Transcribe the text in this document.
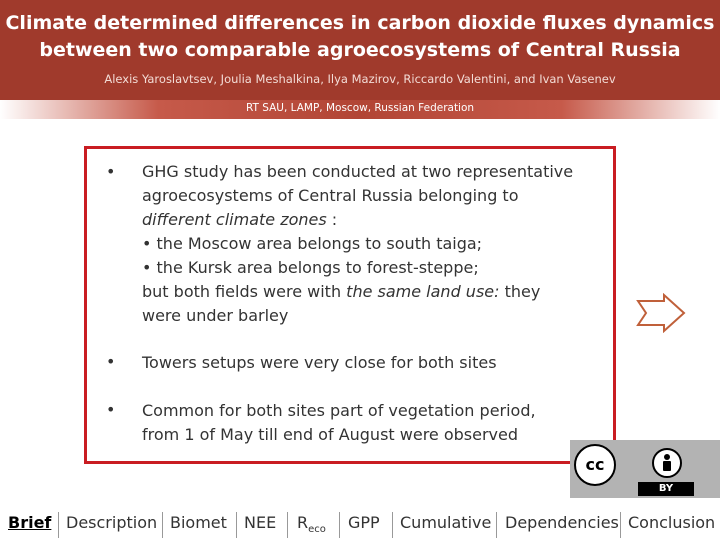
Climate determined differences in carbon dioxide fluxes dynamics
between two comparable agroecosystems of Central Russia
Alexis Yaroslavtsev, Joulia Meshalkina, Ilya Mazirov, Riccardo Valentini, and Ivan Vasenev
RT SAU, LAMP, Moscow, Russian Federation
• GHG study has been conducted at two representative
agroecosystems of Central Russia belonging to
different climate zones :
• the Moscow area belongs to south taiga;
• the Kursk area belongs to forest-steppe;
but both fields were with the same land use: they
were under barley
• Towers setups were very close for both sites
• Common for both sites part of vegetation period,
from 1 of May till end of August were observed
cc
BY
Brief Description Biomet NEE $R_{eco}$ GPP Cumulative Dependencies Conclusion
